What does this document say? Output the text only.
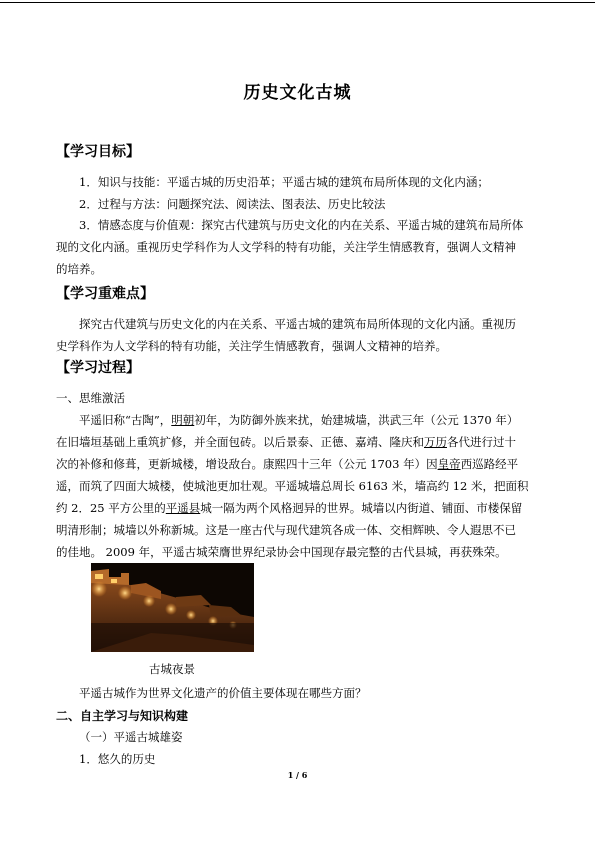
历史文化古城
【学习目标】
1．知识与技能：平遥古城的历史沿革；平遥古城的建筑布局所体现的文化内涵；
2．过程与方法：问题探究法、阅读法、图表法、历史比较法
3．情感态度与价值观：探究古代建筑与历史文化的内在关系、平遥古城的建筑布局所体
现的文化内涵。重视历史学科作为人文学科的特有功能，关注学生情感教育，强调人文精神
的培养。
【学习重难点】
探究古代建筑与历史文化的内在关系、平遥古城的建筑布局所体现的文化内涵。重视历
史学科作为人文学科的特有功能，关注学生情感教育，强调人文精神的培养。
【学习过程】
一、思维激活
平遥旧称“古陶”，明朝初年，为防御外族来扰，始建城墙，洪武三年（公元 1370 年）
在旧墙垣基础上重筑扩修，并全面包砖。以后景泰、正德、嘉靖、隆庆和万历各代进行过十
次的补修和修葺，更新城楼，增设敌台。康熙四十三年（公元 1703 年）因皇帝西巡路经平
遥，而筑了四面大城楼，使城池更加壮观。平遥城墙总周长 6163 米，墙高约 12 米，把面积
约 2．25 平方公里的平遥县城一隔为两个风格迥异的世界。城墙以内街道、铺面、市楼保留
明清形制；城墙以外称新城。这是一座古代与现代建筑各成一体、交相辉映、令人遐思不已
的佳地。 2009 年，平遥古城荣膺世界纪录协会中国现存最完整的古代县城，再获殊荣。
古城夜景
平遥古城作为世界文化遗产的价值主要体现在哪些方面？
二、自主学习与知识构建
（一）平遥古城雄姿
1．悠久的历史
1 / 6
